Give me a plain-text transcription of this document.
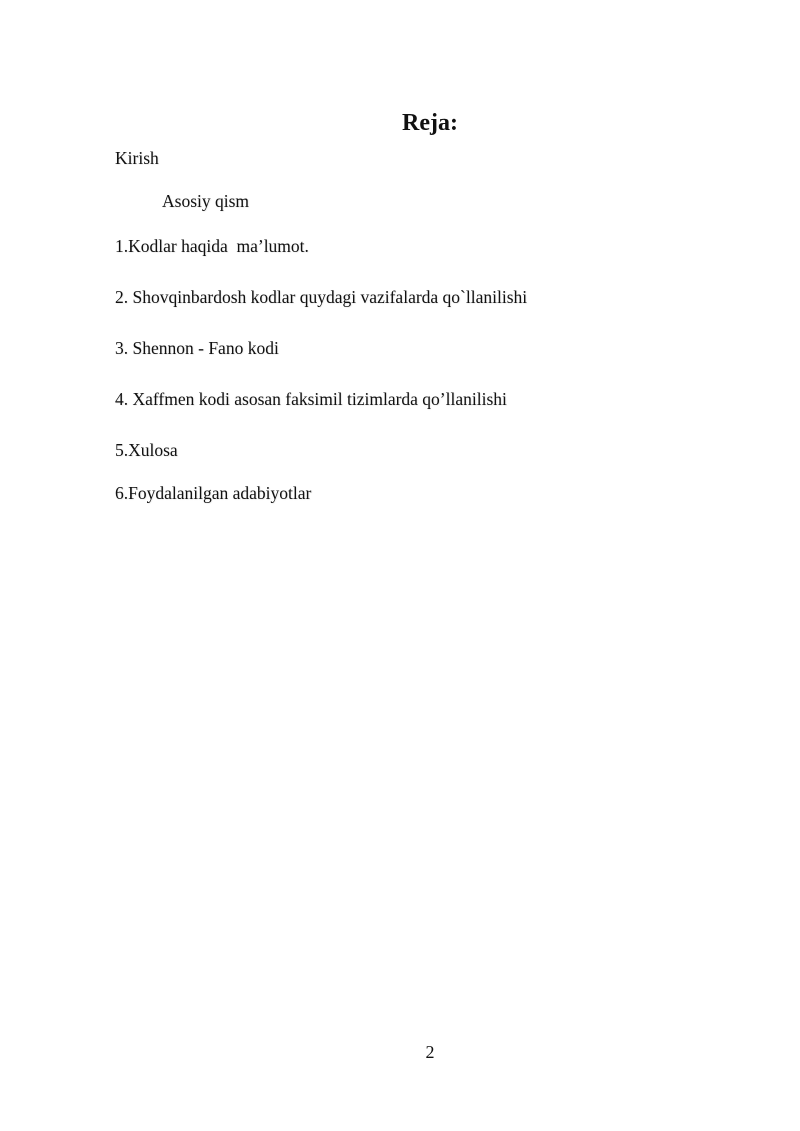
Reja:
Kirish
Asosiy qism
1.Kodlar haqida  ma’lumot.
2. Shovqinbardosh kodlar quydagi vazifalarda qo`llanilishi
3. Shennon - Fano kodi
4. Xaffmen kodi asosan faksimil tizimlarda qo’llanilishi
5.Xulosa
6.Foydalanilgan adabiyotlar
2
